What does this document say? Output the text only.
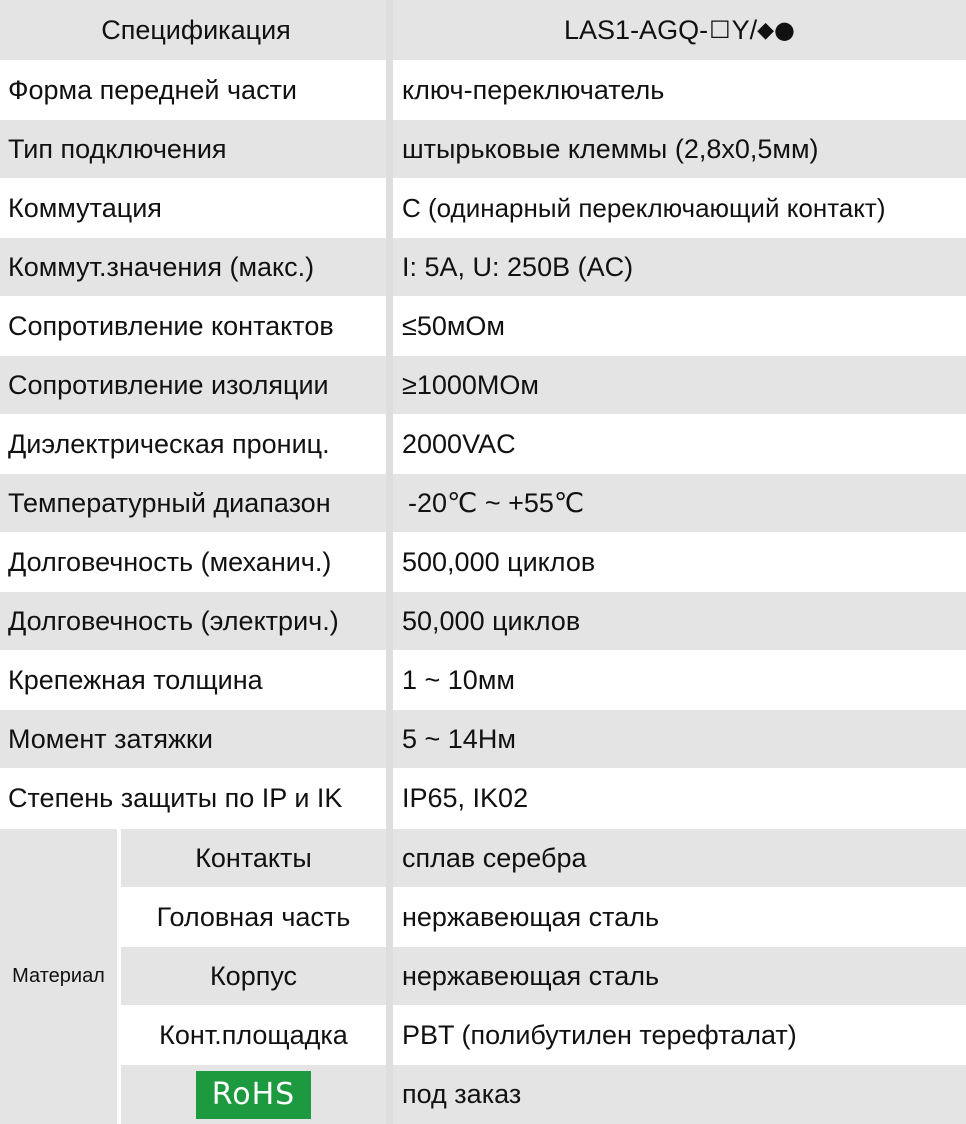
Спецификация	LAS1-AGQ- ☐ Y/ ◆ ●
Форма передней части	ключ-переключатель
Тип подключения	штырьковые клеммы (2,8x0,5мм)
Коммутация	С (одинарный переключающий контакт)
Коммут.значения (макс.)	I: 5A, U: 250В (AC)
Сопротивление контактов	≤50мОм
Сопротивление изоляции	≥1000МОм
Диэлектрическая прониц.	2000VAC
Температурный диапазон	-20℃ ~ +55℃
Долговечность (механич.)	500,000 циклов
Долговечность (электрич.)	50,000 циклов
Крепежная толщина	1 ~ 10мм
Момент затяжки	5 ~ 14Нм
Степень защиты по IP и IK	IP65, IK02
Контакты	сплав серебра
Головная часть	нержавеющая сталь
Корпус	нержавеющая сталь
Конт.площадка	PBT (полибутилен терефталат)
RoHS	под заказ
Материал
